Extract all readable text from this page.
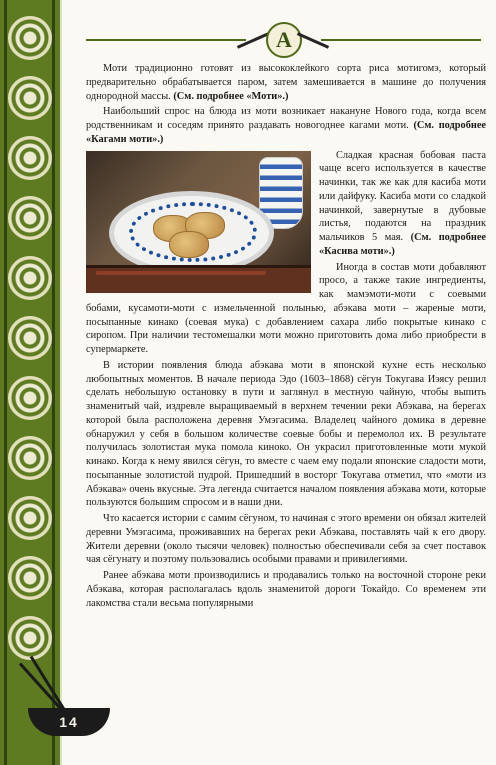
А

Моти традиционно готовят из высококлейкого сорта риса мотигомэ, который предварительно обрабатывается паром, затем замешивается в машине до получения однородной массы. (См. подробнее «Моти».)

Наибольший спрос на блюда из моти возникает накануне Нового года, когда всем родственникам и соседям принято раздавать новогоднее кагами моти. (См. подробнее «Кагами моти».)

Сладкая красная бобовая паста чаще всего используется в качестве начинки, так же как для касиба моти или дайфуку. Касиба моти со сладкой начинкой, завернутые в дубовые листья, подаются на праздник мальчиков 5 мая. (См. подробнее «Касива моти».)

Иногда в состав моти добавляют просо, а также такие ингредиенты, как мамэмоти-моти с соевыми бобами, кусамоти-моти с измельченной полынью, абэкава моти – жареные моти, посыпанные кинако (соевая мука) с добавлением сахара либо покрытые кинако с сиропом. При наличии тестомешалки моти можно приготовить дома либо приобрести в супермаркете.

В истории появления блюда абэкава моти в японской кухне есть несколько любопытных моментов. В начале периода Эдо (1603–1868) сёгун Токугава Иэясу решил сделать небольшую остановку в пути и заглянул в местную чайную, чтобы выпить знаменитый чай, издревле выращиваемый в верхнем течении реки Абэкава, на берегах которой была расположена деревня Умэгасима. Владелец чайного домика в деревне обнаружил у себя в большом количестве соевые бобы и перемолол их. В результате получилась золотистая мука помола киноко. Он украсил приготовленные моти мукой кинако. Когда к нему явился сёгун, то вместе с чаем ему подали японские сладости моти, посыпанные золотистой пудрой. Пришедший в восторг Токугава отметил, что «моти из Абэкава» очень вкусные. Эта легенда считается началом появления абэкава моти, которые пользуются большим спросом и в наши дни.

Что касается истории с самим сёгуном, то начиная с этого времени он обязал жителей деревни Умэгасима, проживавших на берегах реки Абэкава, поставлять чай к его двору. Жители деревни (около тысячи человек) полностью обеспечивали себя за счет поставок чая сёгунату и поэтому пользовались особыми правами и привилегиями.

Ранее абэкава моти производились и продавались только на восточной стороне реки Абэкава, которая располагалась вдоль знаменитой дороги Токайдо. Со временем эти лакомства стали весьма популярными

14
